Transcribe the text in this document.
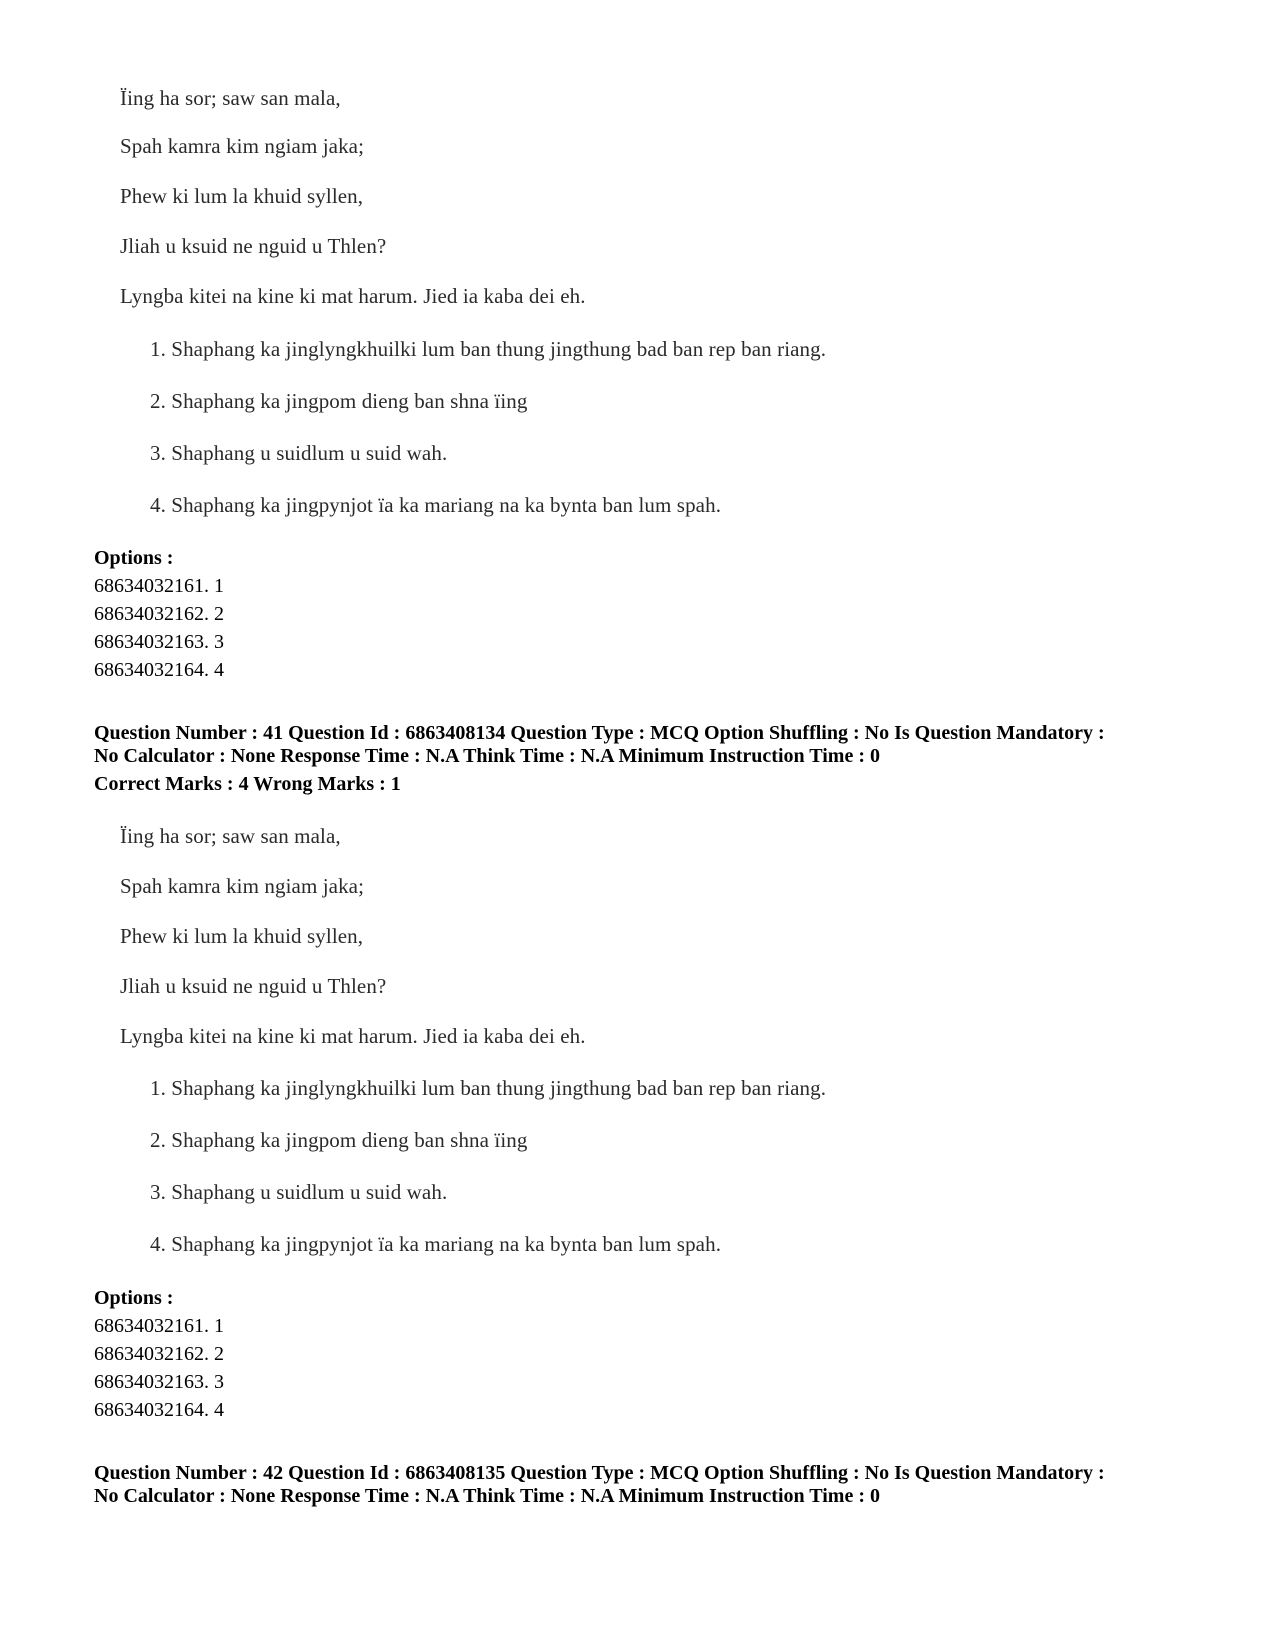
Ïing ha sor; saw san mala,
Spah kamra kim ngiam jaka;
Phew ki lum la khuid syllen,
Jliah u ksuid ne nguid u Thlen?
Lyngba kitei na kine ki mat harum. Jied ia kaba dei eh.
1. Shaphang ka jinglyngkhuilki lum ban thung jingthung bad ban rep ban riang.
2. Shaphang ka jingpom dieng ban shna ïing
3. Shaphang u suidlum u suid wah.
4. Shaphang ka jingpynjot ïa ka mariang na ka bynta ban lum spah.
Options :
68634032161. 1
68634032162. 2
68634032163. 3
68634032164. 4
Question Number : 41 Question Id : 6863408134 Question Type : MCQ Option Shuffling : No Is Question Mandatory :
No Calculator : None Response Time : N.A Think Time : N.A Minimum Instruction Time : 0
Correct Marks : 4 Wrong Marks : 1
Ïing ha sor; saw san mala,
Spah kamra kim ngiam jaka;
Phew ki lum la khuid syllen,
Jliah u ksuid ne nguid u Thlen?
Lyngba kitei na kine ki mat harum. Jied ia kaba dei eh.
1. Shaphang ka jinglyngkhuilki lum ban thung jingthung bad ban rep ban riang.
2. Shaphang ka jingpom dieng ban shna ïing
3. Shaphang u suidlum u suid wah.
4. Shaphang ka jingpynjot ïa ka mariang na ka bynta ban lum spah.
Options :
68634032161. 1
68634032162. 2
68634032163. 3
68634032164. 4
Question Number : 42 Question Id : 6863408135 Question Type : MCQ Option Shuffling : No Is Question Mandatory :
No Calculator : None Response Time : N.A Think Time : N.A Minimum Instruction Time : 0
